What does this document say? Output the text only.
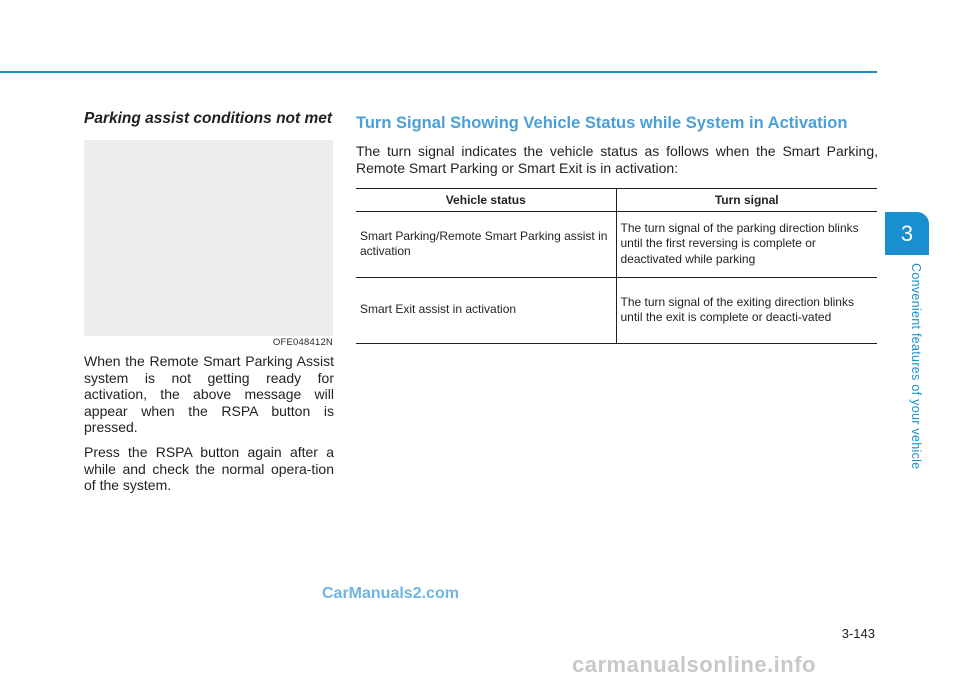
Parking assist conditions not met
OFE048412N

When the Remote Smart Parking Assist system is not getting ready for activation, the above message will appear when the RSPA button is pressed.

Press the RSPA button again after a while and check the normal opera-tion of the system.

Turn Signal Showing Vehicle Status while System in Activation

The turn signal indicates the vehicle status as follows when the Smart Parking, Remote Smart Parking or Smart Exit is in activation:

Vehicle status	Turn signal
Smart Parking/Remote Smart Parking assist in activation	The turn signal of the parking direction blinks until the first reversing is complete or deactivated while parking
Smart Exit assist in activation	The turn signal of the exiting direction blinks until the exit is complete or deacti-vated
3
Convenient features of your vehicle
3-143
CarManuals2.com
carmanualsonline.info
